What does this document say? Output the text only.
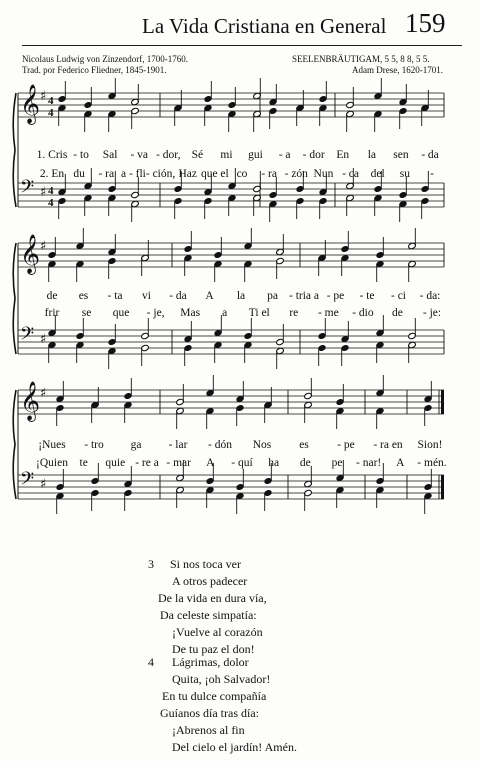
La Vida Cristiana en General 159
Nicolaus Ludwig von Zinzendorf, 1700-1760.
Trad. por Federico Fliedner, 1845-1901.
SEELENBRÄUTIGAM, 5 5, 8 8, 5 5.
Adam Drese, 1620-1701.
𝄞 ♯ 4
4
𝄢 ♯ 4
4
1. Cris - to Sal - va - dor, Sé mi gui - a - dor En la sen - da
2. En du - ra a - fli - ción, Haz que el co - ra - zón Nun - ca del su -
𝄞 ♯
𝄢 ♯
de es - ta vi - da A la pa - tria a - pe - te - ci - da:
frir se que - je, Mas a Ti el re - me - dio de - je:
𝄞 ♯
𝄢 ♯
¡Nues - tro ga - lar - dón Nos es - pe - ra en Sion!
¡Quien te quie - re a - mar A - quí ha de pe - nar! A - mén.
3 Si nos toca ver
A otros padecer
De la vida en dura vía,
Da celeste simpatía:
¡Vuelve al corazón
De tu paz el don!
4 Lágrimas, dolor
Quita, ¡oh Salvador!
En tu dulce compañía
Guíanos día tras día:
¡Abrenos al fin
Del cielo el jardín! Amén.
